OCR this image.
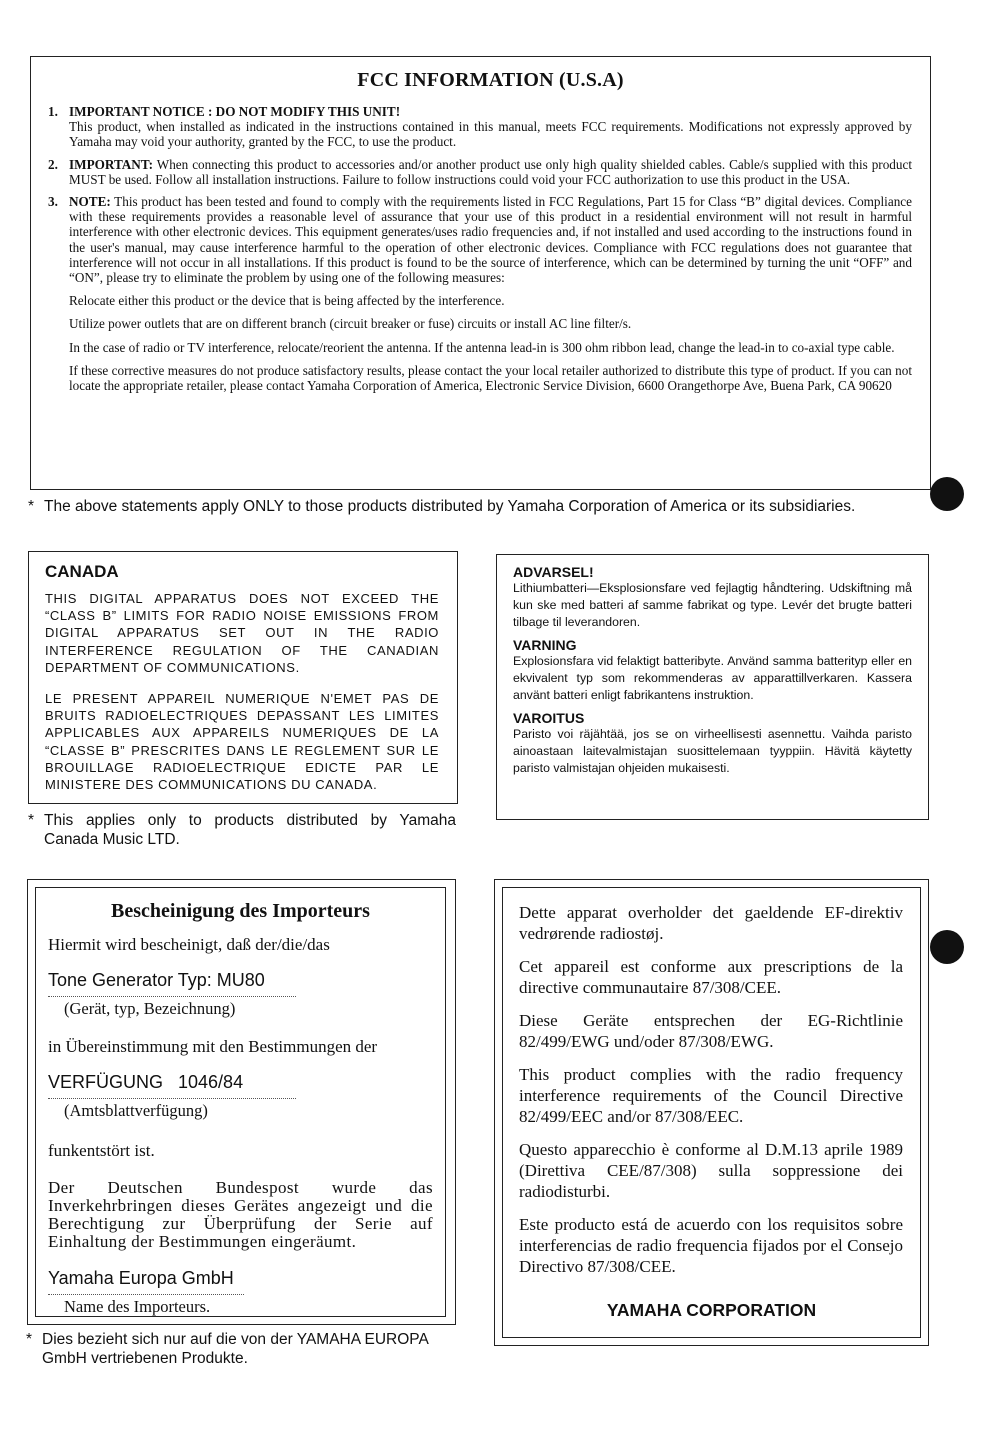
FCC INFORMATION (U.S.A)
1. IMPORTANT NOTICE : DO NOT MODIFY THIS UNIT!
This product, when installed as indicated in the instructions contained in this manual, meets FCC requirements. Modifications not expressly approved by Yamaha may void your authority, granted by the FCC, to use the product.
2. IMPORTANT: When connecting this product to accessories and/or another product use only high quality shielded cables. Cable/s supplied with this product MUST be used. Follow all installation instructions. Failure to follow instructions could void your FCC authorization to use this product in the USA.
3. NOTE: This product has been tested and found to comply with the requirements listed in FCC Regulations, Part 15 for Class “B” digital devices. Compliance with these requirements provides a reasonable level of assurance that your use of this product in a residential environment will not result in harmful interference with other electronic devices. This equipment generates/uses radio frequencies and, if not installed and used according to the instructions found in the user's manual, may cause interference harmful to the operation of other electronic devices. Compliance with FCC regulations does not guarantee that interference will not occur in all installations. If this product is found to be the source of interference, which can be determined by turning the unit “OFF” and “ON”, please try to eliminate the problem by using one of the following measures:

Relocate either this product or the device that is being affected by the interference.

Utilize power outlets that are on different branch (circuit breaker or fuse) circuits or install AC line filter/s.

In the case of radio or TV interference, relocate/reorient the antenna. If the antenna lead-in is 300 ohm ribbon lead, change the lead-in to co-axial type cable.

If these corrective measures do not produce satisfactory results, please contact the your local retailer authorized to distribute this type of product. If you can not locate the appropriate retailer, please contact Yamaha Corporation of America, Electronic Service Division, 6600 Orangethorpe Ave, Buena Park, CA 90620

* The above statements apply ONLY to those products distributed by Yamaha Corporation of America or its subsidiaries.
CANADA

THIS DIGITAL APPARATUS DOES NOT EXCEED THE “CLASS B” LIMITS FOR RADIO NOISE EMISSIONS FROM DIGITAL APPARATUS SET OUT IN THE RADIO INTERFERENCE REGULATION OF THE CANADIAN DEPARTMENT OF COMMUNICATIONS.

LE PRESENT APPAREIL NUMERIQUE N'EMET PAS DE BRUITS RADIOELECTRIQUES DEPASSANT LES LIMITES APPLICABLES AUX APPAREILS NUMERIQUES DE LA “CLASSE B” PRESCRITES DANS LE REGLEMENT SUR LE BROUILLAGE RADIOELECTRIQUE EDICTE PAR LE MINISTERE DES COMMUNICATIONS DU CANADA.

* This applies only to products distributed by Yamaha Canada Music LTD.
ADVARSEL!

Lithiumbatteri—Eksplosionsfare ved fejlagtig håndtering. Udskiftning må kun ske med batteri af samme fabrikat og type. Levér det brugte batteri tilbage til leverandoren.

VARNING

Explosionsfara vid felaktigt batteribyte. Använd samma batterityp eller en ekvivalent typ som rekommenderas av apparattillverkaren. Kassera använt batteri enligt fabrikantens instruktion.

VAROITUS

Paristo voi räjähtää, jos se on virheellisesti asennettu. Vaihda paristo ainoastaan laitevalmistajan suosittelemaan tyyppiin. Hävitä käytetty paristo valmistajan ohjeiden mukaisesti.

Bescheinigung des Importeurs

Hiermit wird bescheinigt, daß der/die/das

Tone Generator Typ: MU80

(Gerät, typ, Bezeichnung)

in Übereinstimmung mit den Bestimmungen der

VERFÜGUNG   1046/84

(Amtsblattverfügung)

funkentstört ist.

Der Deutschen Bundespost wurde das Inverkehrbringen dieses Gerätes angezeigt und die Berechtigung zur Überprüfung der Serie auf Einhaltung der Bestimmungen eingeräumt.

Yamaha Europa GmbH

Name des Importeurs.

* Dies bezieht sich nur auf die von der YAMAHA EUROPA GmbH vertriebenen Produkte.

Dette apparat overholder det gaeldende EF-direktiv vedrørende radiostøj.

Cet appareil est conforme aux prescriptions de la directive communautaire 87/308/CEE.

Diese Geräte entsprechen der EG-Richtlinie 82/499/EWG und/oder 87/308/EWG.

This product complies with the radio frequency interference requirements of the Council Directive 82/499/EEC and/or 87/308/EEC.

Questo apparecchio è conforme al D.M.13 aprile 1989 (Direttiva CEE/87/308) sulla soppressione dei radiodisturbi.

Este producto está de acuerdo con los requisitos sobre interferencias de radio frequencia fijados por el Consejo Directivo 87/308/CEE.

YAMAHA CORPORATION
